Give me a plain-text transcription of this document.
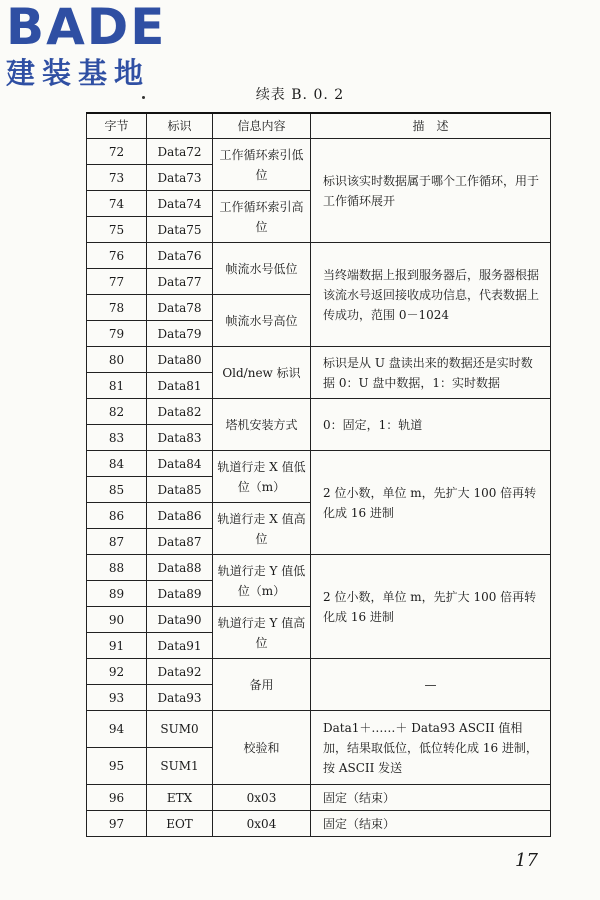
BADE
建装基地
续表 B. 0. 2
字节	标识	信息内容	描　述
72	Data72	工作循环索引低位	标识该实时数据属于哪个工作循环，用于工作循环展开
73	Data73		
74	Data74	工作循环索引高位	
75	Data75		
76	Data76	帧流水号低位	当终端数据上报到服务器后，服务器根据该流水号返回接收成功信息，代表数据上传成功，范围 0－1024
77	Data77		
78	Data78	帧流水号高位	
79	Data79		
80	Data80	Old/new 标识	标识是从 U 盘读出来的数据还是实时数据 0：U 盘中数据，1：实时数据
81	Data81		
82	Data82	塔机安装方式	0：固定，1：轨道
83	Data83		
84	Data84	轨道行走 X 值低位（m）	2 位小数，单位 m，先扩大 100 倍再转化成 16 进制
85	Data85		
86	Data86	轨道行走 X 值高位	
87	Data87		
88	Data88	轨道行走 Y 值低位（m）	2 位小数，单位 m，先扩大 100 倍再转化成 16 进制
89	Data89		
90	Data90	轨道行走 Y 值高位	
91	Data91		
92	Data92	备用	—
93	Data93		
94	SUM0	校验和	Data1＋……＋ Data93 ASCII 值相加，结果取低位，低位转化成 16 进制，按 ASCII 发送
95	SUM1		
96	ETX	0x03	固定（结束）
97	EOT	0x04	固定（结束）
17
